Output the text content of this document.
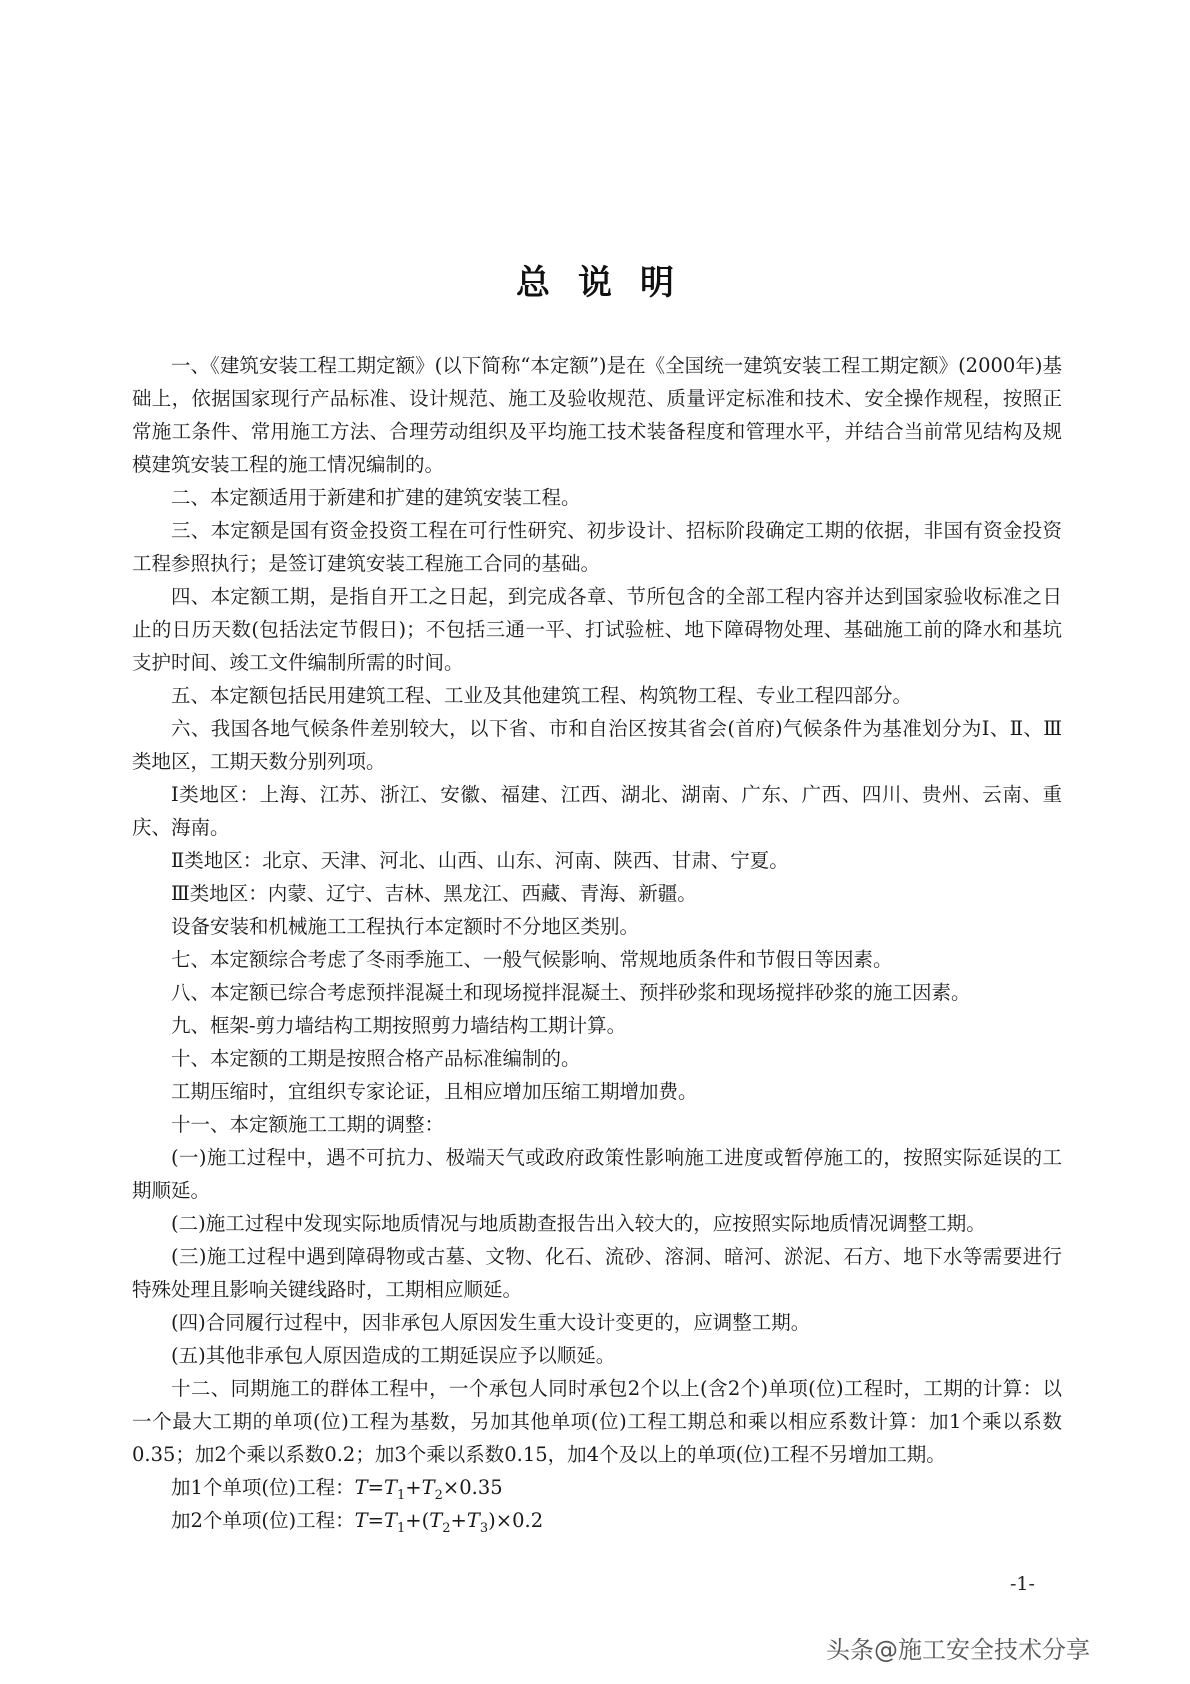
总说明

一、《建筑安装工程工期定额》(以下简称“本定额”)是在《全国统一建筑安装工程工期定额》(2000年)基础上，依据国家现行产品标准、设计规范、施工及验收规范、质量评定标准和技术、安全操作规程，按照正常施工条件、常用施工方法、合理劳动组织及平均施工技术装备程度和管理水平，并结合当前常见结构及规模建筑安装工程的施工情况编制的。

二、本定额适用于新建和扩建的建筑安装工程。

三、本定额是国有资金投资工程在可行性研究、初步设计、招标阶段确定工期的依据，非国有资金投资工程参照执行；是签订建筑安装工程施工合同的基础。

四、本定额工期，是指自开工之日起，到完成各章、节所包含的全部工程内容并达到国家验收标准之日止的日历天数(包括法定节假日)；不包括三通一平、打试验桩、地下障碍物处理、基础施工前的降水和基坑支护时间、竣工文件编制所需的时间。

五、本定额包括民用建筑工程、工业及其他建筑工程、构筑物工程、专业工程四部分。

六、我国各地气候条件差别较大，以下省、市和自治区按其省会(首府)气候条件为基准划分为Ⅰ、Ⅱ、Ⅲ类地区，工期天数分别列项。

Ⅰ类地区：上海、江苏、浙江、安徽、福建、江西、湖北、湖南、广东、广西、四川、贵州、云南、重庆、海南。

Ⅱ类地区：北京、天津、河北、山西、山东、河南、陕西、甘肃、宁夏。

Ⅲ类地区：内蒙、辽宁、吉林、黑龙江、西藏、青海、新疆。

设备安装和机械施工工程执行本定额时不分地区类别。

七、本定额综合考虑了冬雨季施工、一般气候影响、常规地质条件和节假日等因素。

八、本定额已综合考虑预拌混凝土和现场搅拌混凝土、预拌砂浆和现场搅拌砂浆的施工因素。

九、框架-剪力墙结构工期按照剪力墙结构工期计算。

十、本定额的工期是按照合格产品标准编制的。

工期压缩时，宜组织专家论证，且相应增加压缩工期增加费。

十一、本定额施工工期的调整：

(一)施工过程中，遇不可抗力、极端天气或政府政策性影响施工进度或暂停施工的，按照实际延误的工期顺延。

(二)施工过程中发现实际地质情况与地质勘查报告出入较大的，应按照实际地质情况调整工期。

(三)施工过程中遇到障碍物或古墓、文物、化石、流砂、溶洞、暗河、淤泥、石方、地下水等需要进行特殊处理且影响关键线路时，工期相应顺延。

(四)合同履行过程中，因非承包人原因发生重大设计变更的，应调整工期。

(五)其他非承包人原因造成的工期延误应予以顺延。

十二、同期施工的群体工程中，一个承包人同时承包2个以上(含2个)单项(位)工程时，工期的计算：以一个最大工期的单项(位)工程为基数，另加其他单项(位)工程工期总和乘以相应系数计算：加1个乘以系数0.35；加2个乘以系数0.2；加3个乘以系数0.15，加4个及以上的单项(位)工程不另增加工期。

加1个单项(位)工程：$T=T_1+T_2\times 0.35$

加2个单项(位)工程：$T=T_1+(T_2+T_3)\times 0.2$

-1-
头条@施工安全技术分享
